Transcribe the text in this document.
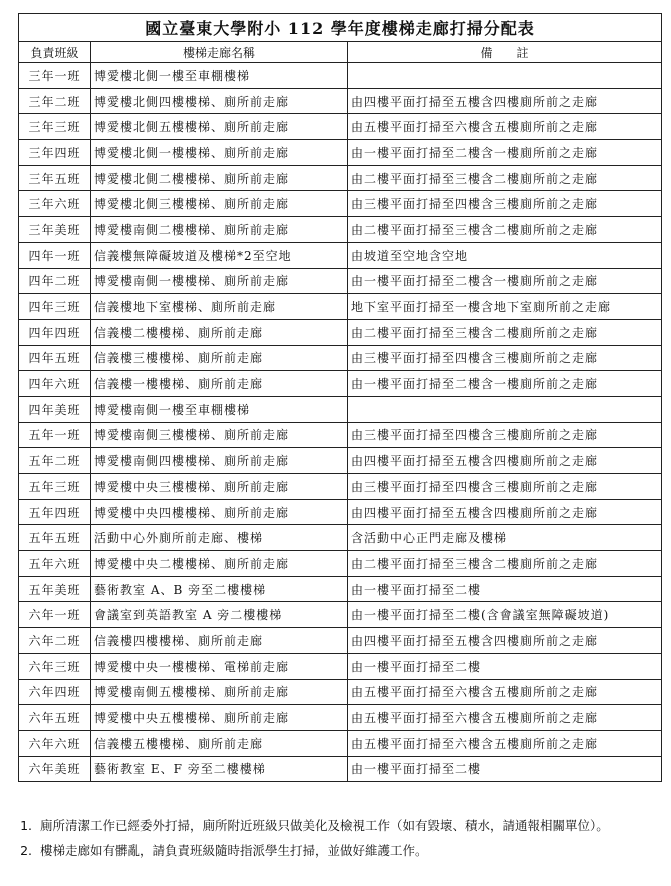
國立臺東大學附小 112 學年度樓梯走廊打掃分配表		
負責班級	樓梯走廊名稱	備　　註
三年一班	博愛樓北側一樓至車棚樓梯	
三年二班	博愛樓北側四樓樓梯、廁所前走廊	由四樓平面打掃至五樓含四樓廁所前之走廊
三年三班	博愛樓北側五樓樓梯、廁所前走廊	由五樓平面打掃至六樓含五樓廁所前之走廊
三年四班	博愛樓北側一樓樓梯、廁所前走廊	由一樓平面打掃至二樓含一樓廁所前之走廊
三年五班	博愛樓北側二樓樓梯、廁所前走廊	由二樓平面打掃至三樓含二樓廁所前之走廊
三年六班	博愛樓北側三樓樓梯、廁所前走廊	由三樓平面打掃至四樓含三樓廁所前之走廊
三年美班	博愛樓南側二樓樓梯、廁所前走廊	由二樓平面打掃至三樓含二樓廁所前之走廊
四年一班	信義樓無障礙坡道及樓梯*2至空地	由坡道至空地含空地
四年二班	博愛樓南側一樓樓梯、廁所前走廊	由一樓平面打掃至二樓含一樓廁所前之走廊
四年三班	信義樓地下室樓梯、廁所前走廊	地下室平面打掃至一樓含地下室廁所前之走廊
四年四班	信義樓二樓樓梯、廁所前走廊	由二樓平面打掃至三樓含二樓廁所前之走廊
四年五班	信義樓三樓樓梯、廁所前走廊	由三樓平面打掃至四樓含三樓廁所前之走廊
四年六班	信義樓一樓樓梯、廁所前走廊	由一樓平面打掃至二樓含一樓廁所前之走廊
四年美班	博愛樓南側一樓至車棚樓梯	
五年一班	博愛樓南側三樓樓梯、廁所前走廊	由三樓平面打掃至四樓含三樓廁所前之走廊
五年二班	博愛樓南側四樓樓梯、廁所前走廊	由四樓平面打掃至五樓含四樓廁所前之走廊
五年三班	博愛樓中央三樓樓梯、廁所前走廊	由三樓平面打掃至四樓含三樓廁所前之走廊
五年四班	博愛樓中央四樓樓梯、廁所前走廊	由四樓平面打掃至五樓含四樓廁所前之走廊
五年五班	活動中心外廁所前走廊、樓梯	含活動中心正門走廊及樓梯
五年六班	博愛樓中央二樓樓梯、廁所前走廊	由二樓平面打掃至三樓含二樓廁所前之走廊
五年美班	藝術教室 A、B 旁至二樓樓梯	由一樓平面打掃至二樓
六年一班	會議室到英語教室 A 旁二樓樓梯	由一樓平面打掃至二樓(含會議室無障礙坡道)
六年二班	信義樓四樓樓梯、廁所前走廊	由四樓平面打掃至五樓含四樓廁所前之走廊
六年三班	博愛樓中央一樓樓梯、電梯前走廊	由一樓平面打掃至二樓
六年四班	博愛樓南側五樓樓梯、廁所前走廊	由五樓平面打掃至六樓含五樓廁所前之走廊
六年五班	博愛樓中央五樓樓梯、廁所前走廊	由五樓平面打掃至六樓含五樓廁所前之走廊
六年六班	信義樓五樓樓梯、廁所前走廊	由五樓平面打掃至六樓含五樓廁所前之走廊
六年美班	藝術教室 E、F 旁至二樓樓梯	由一樓平面打掃至二樓
1. 廁所清潔工作已經委外打掃，廁所附近班級只做美化及檢視工作（如有毀壞、積水，請通報相關單位）。
2. 樓梯走廊如有髒亂，請負責班級隨時指派學生打掃，並做好維護工作。
